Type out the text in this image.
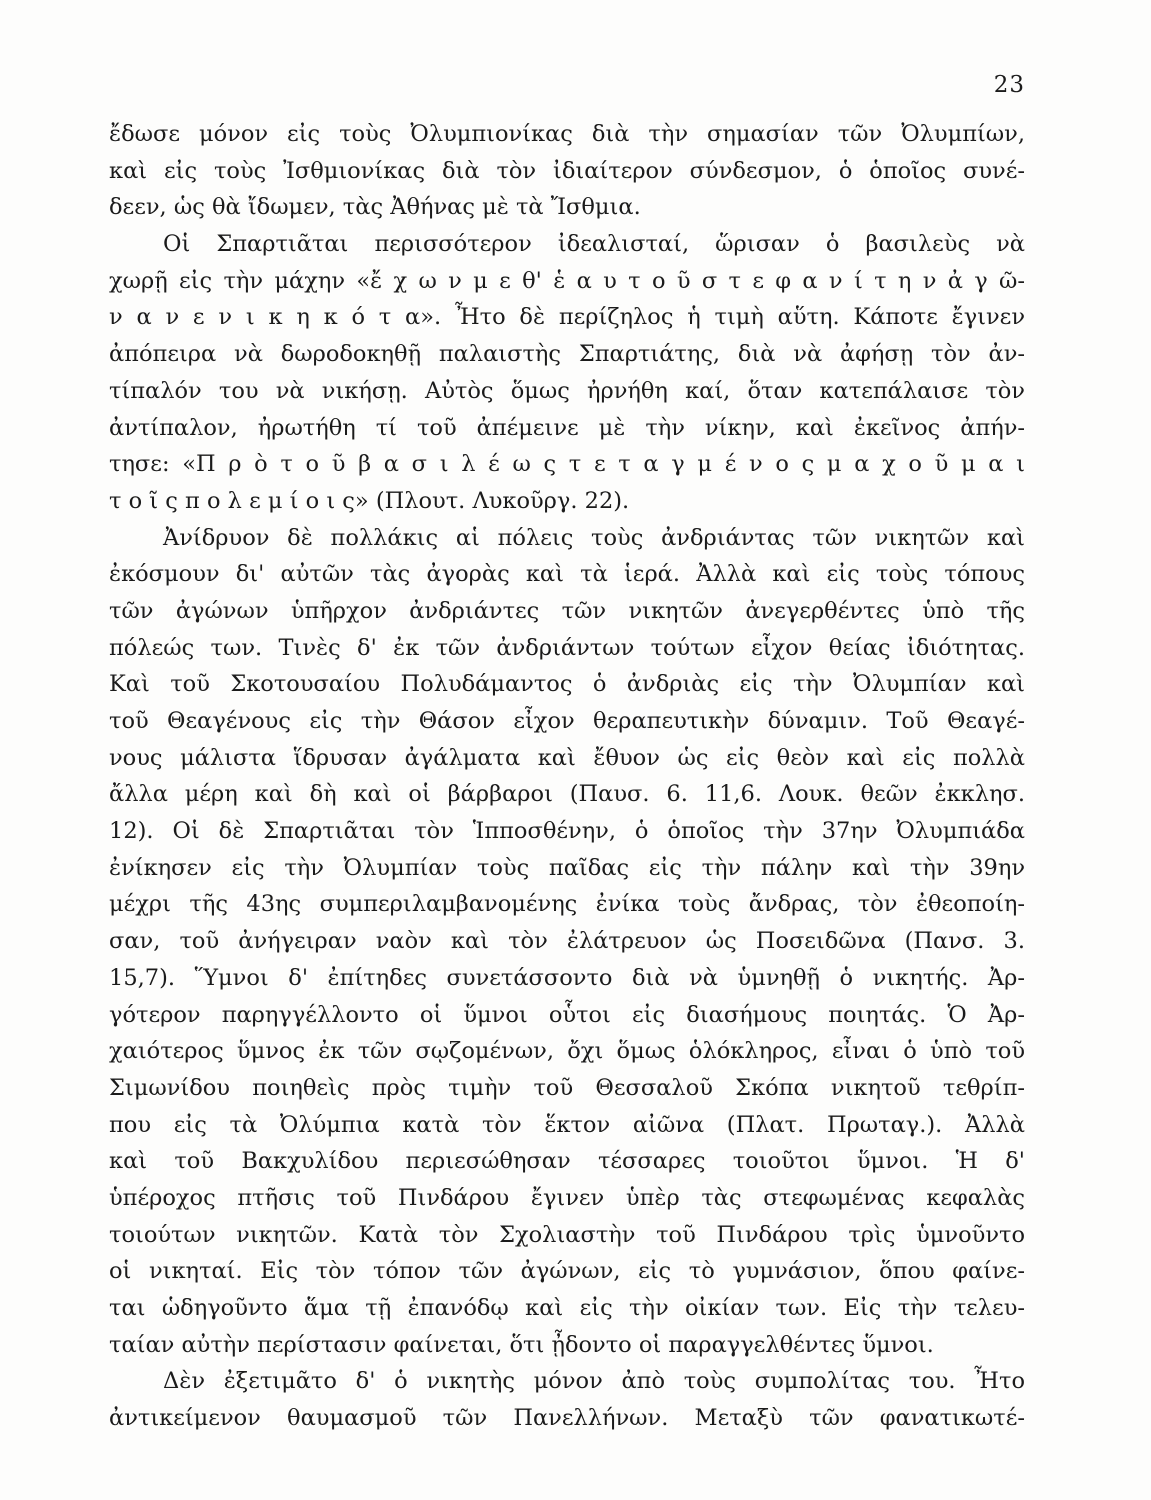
23
ἔδωσε μόνον εἰς τοὺς Ὀλυμπιονίκας διὰ τὴν σημασίαν τῶν Ὀλυμπίων,
καὶ εἰς τοὺς Ἰσθμιονίκας διὰ τὸν ἰδιαίτερον σύνδεσμον, ὁ ὁποῖος συνέ-
δεεν, ὡς θὰ ἴδωμεν, τὰς Ἀθήνας μὲ τὰ Ἴσθμια.
Οἱ Σπαρτιᾶται περισσότερον ἰδεαλισταί, ὥρισαν ὁ βασιλεὺς νὰ
χωρῇ εἰς τὴν μάχην «ἔ χ ω ν μ ε θ' ἑ α υ τ ο ῦ σ τ ε φ α ν ί τ η ν ἀ γ ῶ-
ν α ν ε ν ι κ η κ ό τ α». Ἦτο δὲ περίζηλος ἡ τιμὴ αὕτη. Κάποτε ἔγινεν
ἀπόπειρα νὰ δωροδοκηθῇ παλαιστὴς Σπαρτιάτης, διὰ νὰ ἀφήσῃ τὸν ἀν-
τίπαλόν του νὰ νικήσῃ. Αὐτὸς ὅμως ἠρνήθη καί, ὅταν κατεπάλαισε τὸν
ἀντίπαλον, ἠρωτήθη τί τοῦ ἀπέμεινε μὲ τὴν νίκην, καὶ ἐκεῖνος ἀπήν-
τησε: «Π ρ ὸ τ ο ῦ β α σ ι λ έ ω ς τ ε τ α γ μ έ ν ο ς μ α χ ο ῦ μ α ι
τ ο ῖ ς π ο λ ε μ ί ο ι ς» (Πλουτ. Λυκοῦργ. 22).
Ἀνίδρυον δὲ πολλάκις αἱ πόλεις τοὺς ἀνδριάντας τῶν νικητῶν καὶ
ἐκόσμουν δι' αὐτῶν τὰς ἀγορὰς καὶ τὰ ἱερά. Ἀλλὰ καὶ εἰς τοὺς τόπους
τῶν ἀγώνων ὑπῆρχον ἀνδριάντες τῶν νικητῶν ἀνεγερθέντες ὑπὸ τῆς
πόλεώς των. Τινὲς δ' ἐκ τῶν ἀνδριάντων τούτων εἶχον θείας ἰδιότητας.
Καὶ τοῦ Σκοτουσαίου Πολυδάμαντος ὁ ἀνδριὰς εἰς τὴν Ὀλυμπίαν καὶ
τοῦ Θεαγένους εἰς τὴν Θάσον εἶχον θεραπευτικὴν δύναμιν. Τοῦ Θεαγέ-
νους μάλιστα ἵδρυσαν ἀγάλματα καὶ ἔθυον ὡς εἰς θεὸν καὶ εἰς πολλὰ
ἄλλα μέρη καὶ δὴ καὶ οἱ βάρβαροι (Παυσ. 6. 11,6. Λουκ. θεῶν ἐκκλησ.
12). Οἱ δὲ Σπαρτιᾶται τὸν Ἱπποσθένην, ὁ ὁποῖος τὴν 37ην Ὀλυμπιάδα
ἐνίκησεν εἰς τὴν Ὀλυμπίαν τοὺς παῖδας εἰς τὴν πάλην καὶ τὴν 39ην
μέχρι τῆς 43ης συμπεριλαμβανομένης ἐνίκα τοὺς ἄνδρας, τὸν ἐθεοποίη-
σαν, τοῦ ἀνήγειραν ναὸν καὶ τὸν ἐλάτρευον ὡς Ποσειδῶνα (Πανσ. 3.
15,7). Ὕμνοι δ' ἐπίτηδες συνετάσσοντο διὰ νὰ ὑμνηθῇ ὁ νικητής. Ἀρ-
γότερον παρηγγέλλοντο οἱ ὕμνοι οὗτοι εἰς διασήμους ποιητάς. Ὁ Ἀρ-
χαιότερος ὕμνος ἐκ τῶν σῳζομένων, ὄχι ὅμως ὁλόκληρος, εἶναι ὁ ὑπὸ τοῦ
Σιμωνίδου ποιηθεὶς πρὸς τιμὴν τοῦ Θεσσαλοῦ Σκόπα νικητοῦ τεθρίπ-
που εἰς τὰ Ὀλύμπια κατὰ τὸν ἕκτον αἰῶνα (Πλατ. Πρωταγ.). Ἀλλὰ
καὶ τοῦ Βακχυλίδου περιεσώθησαν τέσσαρες τοιοῦτοι ὕμνοι. Ἡ δ'
ὑπέροχος πτῆσις τοῦ Πινδάρου ἔγινεν ὑπὲρ τὰς στεφωμένας κεφαλὰς
τοιούτων νικητῶν. Κατὰ τὸν Σχολιαστὴν τοῦ Πινδάρου τρὶς ὑμνοῦντο
οἱ νικηταί. Εἰς τὸν τόπον τῶν ἀγώνων, εἰς τὸ γυμνάσιον, ὅπου φαίνε-
ται ὡδηγοῦντο ἅμα τῇ ἐπανόδῳ καὶ εἰς τὴν οἰκίαν των. Εἰς τὴν τελευ-
ταίαν αὐτὴν περίστασιν φαίνεται, ὅτι ᾖδοντο οἱ παραγγελθέντες ὕμνοι.
Δὲν ἐξετιμᾶτο δ' ὁ νικητὴς μόνον ἀπὸ τοὺς συμπολίτας του. Ἦτο
ἀντικείμενον θαυμασμοῦ τῶν Πανελλήνων. Μεταξὺ τῶν φανατικωτέ-
